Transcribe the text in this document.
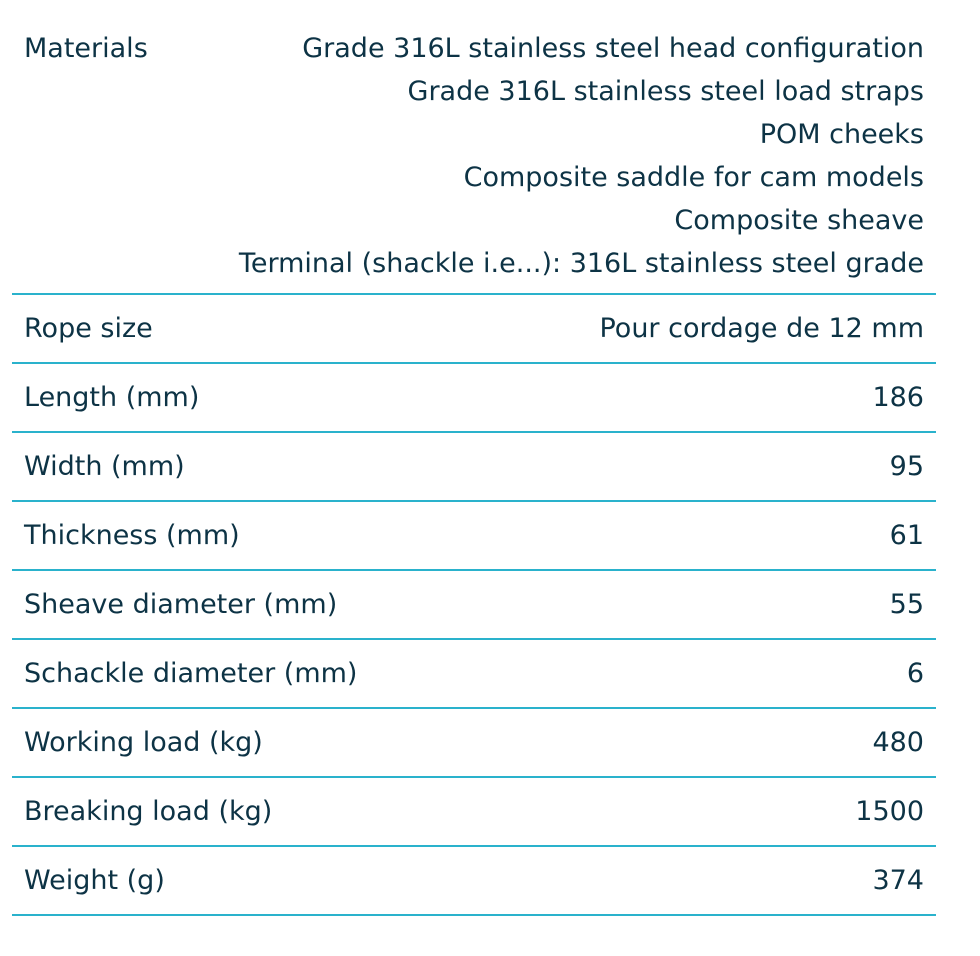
Materials	Grade 316L stainless steel head configuration
Grade 316L stainless steel load straps
POM cheeks
Composite saddle for cam models
Composite sheave
Terminal (shackle i.e...): 316L stainless steel grade
Rope size	Pour cordage de 12 mm
Length (mm)	186
Width (mm)	95
Thickness (mm)	61
Sheave diameter (mm)	55
Schackle diameter (mm)	6
Working load (kg)	480
Breaking load (kg)	1500
Weight (g)	374
